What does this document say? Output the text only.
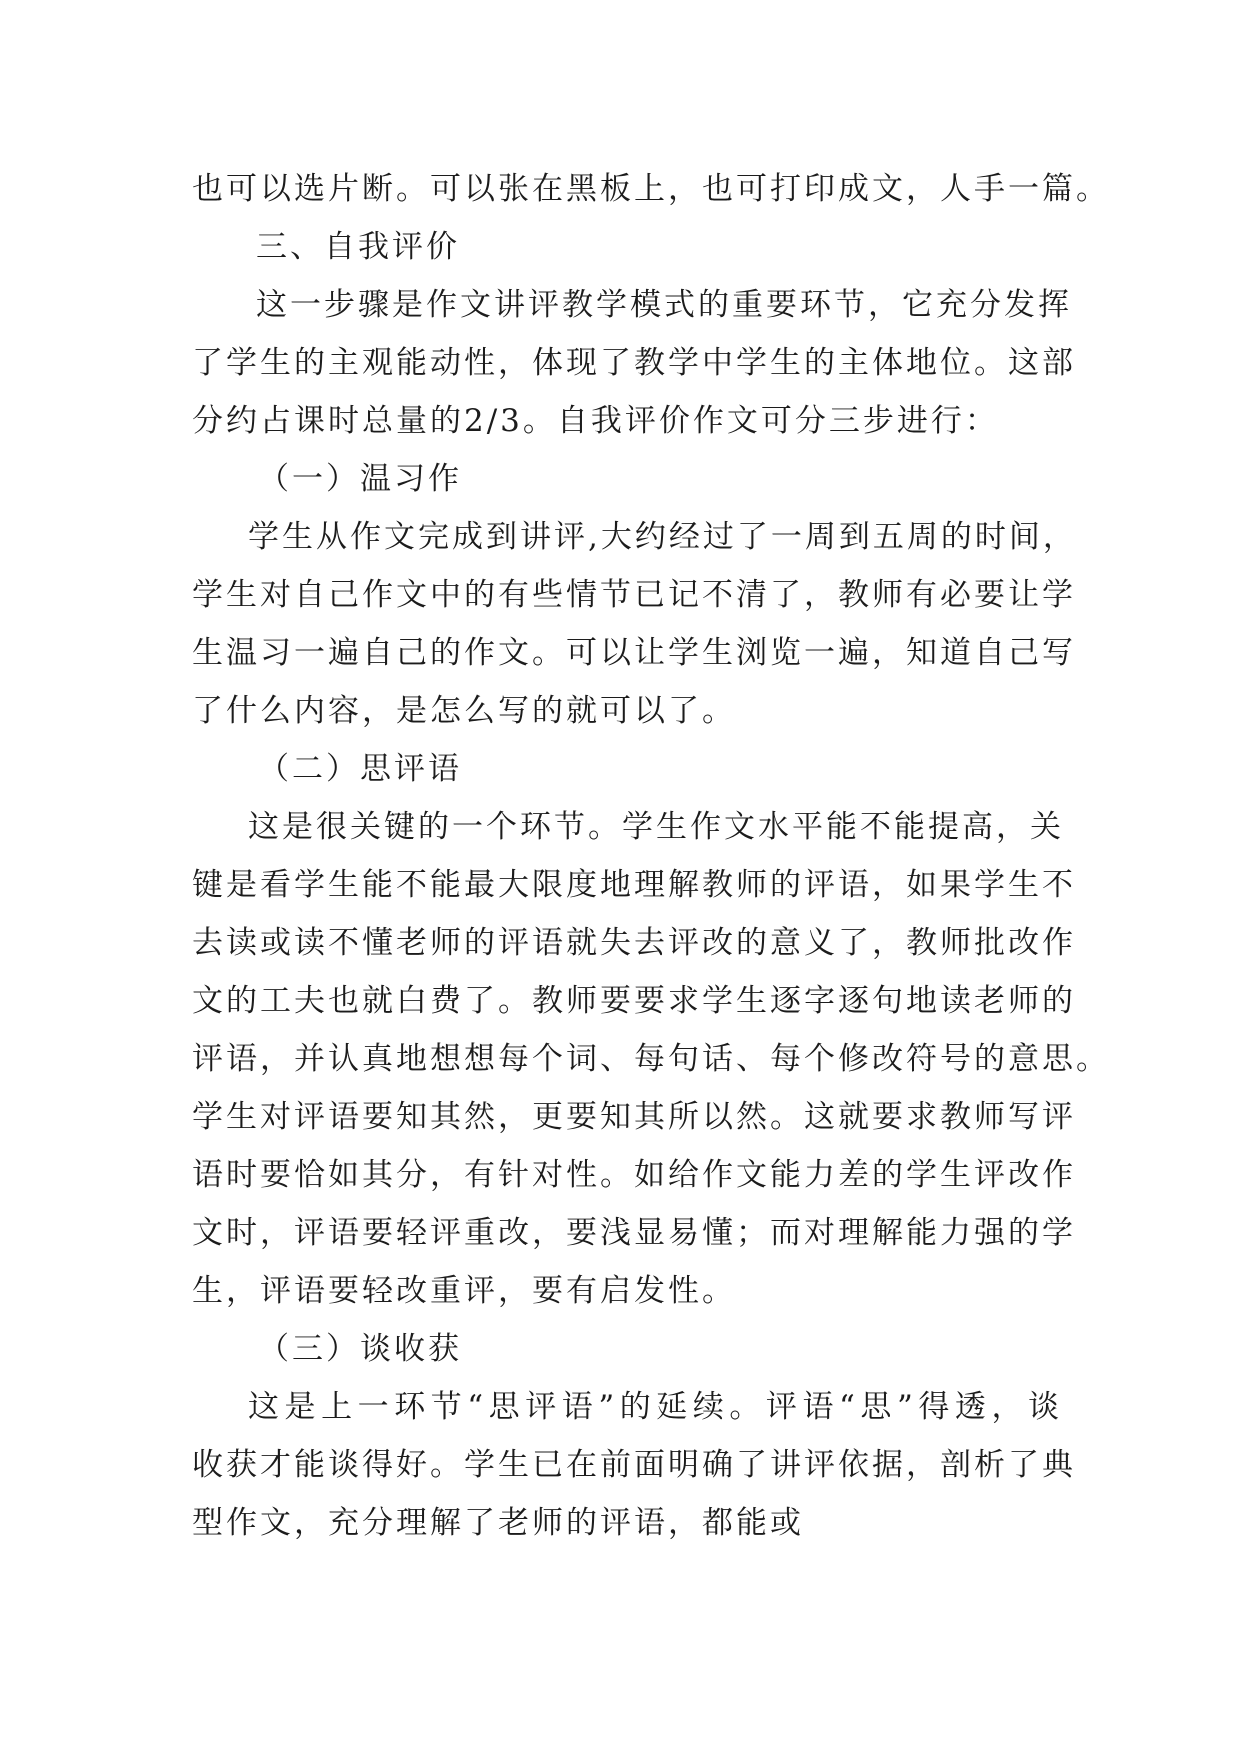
也可以选片断。可以张在黑板上，也可打印成文，人手一篇。
三、自我评价
这一步骤是作文讲评教学模式的重要环节，它充分发挥
了学生的主观能动性，体现了教学中学生的主体地位。这部
分约占课时总量的2/3。自我评价作文可分三步进行：
（一）温习作
学生从作文完成到讲评,大约经过了一周到五周的时间，
学生对自己作文中的有些情节已记不清了，教师有必要让学
生温习一遍自己的作文。可以让学生浏览一遍，知道自己写
了什么内容，是怎么写的就可以了。
（二）思评语
这是很关键的一个环节。学生作文水平能不能提高，关
键是看学生能不能最大限度地理解教师的评语，如果学生不
去读或读不懂老师的评语就失去评改的意义了，教师批改作
文的工夫也就白费了。教师要要求学生逐字逐句地读老师的
评语，并认真地想想每个词、每句话、每个修改符号的意思。
学生对评语要知其然，更要知其所以然。这就要求教师写评
语时要恰如其分，有针对性。如给作文能力差的学生评改作
文时，评语要轻评重改，要浅显易懂；而对理解能力强的学
生，评语要轻改重评，要有启发性。
（三）谈收获
这是上一环节“思评语”的延续。评语“思”得透，谈
收获才能谈得好。学生已在前面明确了讲评依据，剖析了典
型作文，充分理解了老师的评语，都能或
